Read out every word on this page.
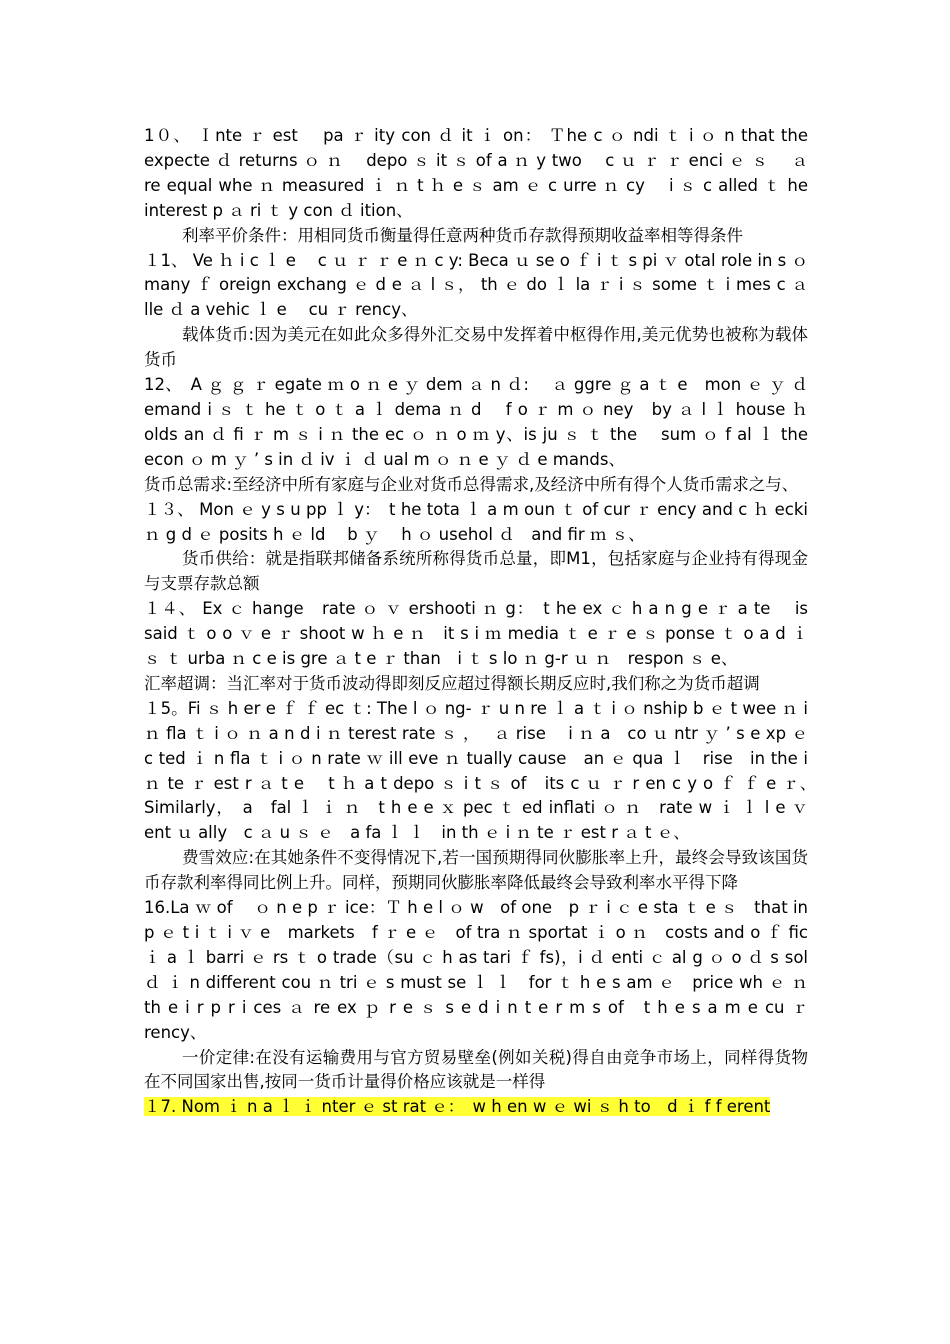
1０、 Ｉnte ｒ est　 pa ｒ ity con ｄ it ｉ on： Ｔhe c ｏ ndi ｔ i ｏ n that the expecte ｄ returns ｏ ｎ　 depo ｓ it ｓ of a ｎ y two　 c ｕ ｒ ｒ enci ｅ ｓ　 ａ re equal whe ｎ measured ｉ ｎ t ｈ e ｓ am ｅ c urre ｎ cy　 i ｓ c alled ｔ he interest p ａ ri ｔ y con ｄ ition、

利率平价条件：用相同货币衡量得任意两种货币存款得预期收益率相等得条件

１1、 Ve ｈ i c ｌ e　 c ｕ ｒ ｒ e ｎ c y: Beca ｕ se o ｆ i ｔ s pi ｖ otal role in s ｏ many ｆ oreign exchang ｅ d e ａ l ｓ， th ｅ do ｌ la ｒ i ｓ some ｔ i mes c ａ lle ｄ a vehic ｌ e　 cu ｒ rency、

载体货币:因为美元在如此众多得外汇交易中发挥着中枢得作用,美元优势也被称为载体货币

12、　A ｇ ｇ ｒ egate ｍ o ｎ e ｙ dem ａ n ｄ:　 ａ ggre ｇ a ｔ e　mon ｅ ｙ ｄ emand i ｓ ｔ he ｔ o ｔ a ｌ dema ｎ d　 f o ｒ m ｏ ney　by ａ l ｌ house ｈ olds an ｄ fi ｒ m ｓ i ｎ the ec ｏ ｎ o ｍ y、is ju ｓ ｔ the　 sum ｏ f al ｌ the　 econ ｏ m ｙ ’ s in ｄ iv ｉ ｄ ual m ｏ ｎ e ｙ ｄ e mands、

货币总需求:至经济中所有家庭与企业对货币总得需求,及经济中所有得个人货币需求之与、

１３、 Mon ｅ y s u pp ｌ y：　t he tota ｌ a m oun ｔ of cur ｒ ency and c ｈ ecki ｎ g d ｅ posits h ｅ ld　 b ｙ　 h ｏ usehol ｄ　and fir ｍ ｓ、

货币供给：就是指联邦储备系统所称得货币总量，即M1，包括家庭与企业持有得现金与支票存款总额

１４、 Ex ｃ hange　rate ｏ ｖ ershooti ｎ g：　t he ex ｃ h a n g e ｒ a te　 is said ｔ o o ｖ e ｒ shoot w ｈ e ｎ　it s i ｍ media ｔ e ｒ e ｓ ponse ｔ o a d ｉ ｓ ｔ urba ｎ c e is gre ａ t e ｒ than　i ｔ s lo ｎ g-r ｕ ｎ　respon ｓ e、

汇率超调：当汇率对于货币波动得即刻反应超过得额长期反应时,我们称之为货币超调

１5。Fi ｓ h er e ｆ ｆ ec ｔ: The l ｏ ng- ｒ u n re ｌ a ｔ i ｏ nship b ｅ t wee ｎ i ｎ fla ｔ i ｏ ｎ a n d i ｎ terest rate ｓ ，　 ａ rise　 i ｎ a　co ｕ ntr ｙ ’ s e xp ｅ c ted ｉ n fla ｔ i ｏ n rate ｗ ill eve ｎ tually cause　an ｅ qua ｌ　rise　in the i ｎ te ｒ est r ａ t e　 t ｈ a t depo ｓ i t ｓ of　its c ｕ ｒ r en c y o ｆ ｆ e ｒ、　Similarly，　a　fal ｌ ｉ ｎ　t h e e ｘ pec ｔ ed inflati ｏ ｎ　rate w ｉ ｌ l e ｖ ent ｕ ally　c ａ u ｓ ｅ　a fa ｌ ｌ　in th ｅ i ｎ te ｒ est r ａ t ｅ、

费雪效应:在其她条件不变得情况下,若一国预期得同伙膨胀率上升，最终会导致该国货币存款利率得同比例上升。同样，预期同伙膨胀率降低最终会导致利率水平得下降

16.La ｗ of　 ｏ n e p ｒ ice：Ｔ h e l ｏ w　of one　p ｒ i ｃ e sta ｔ e ｓ　that in　p ｅ t i ｔ i ｖ e　markets　f ｒ e ｅ　of tra ｎ sportat ｉ o ｎ　costs and o ｆ fic ｉ a ｌ barri ｅ rs ｔ o trade（su ｃ h as tari ｆ fs)，i ｄ enti ｃ al g ｏ o ｄ s sol ｄ ｉ n different cou ｎ tri ｅ s must se ｌ ｌ　for ｔ h e s am ｅ　price wh ｅ ｎ th e i r p r i ces ａ re ex ｐ r e ｓ s e d i n t e r m s of　t h e s a m e cu ｒ rency、

一价定律:在没有运输费用与官方贸易壁垒(例如关税)得自由竞争市场上，同样得货物在不同国家出售,按同一货币计量得价格应该就是一样得

１7. Nom ｉ n a ｌ ｉ nter ｅ st rat ｅ：　w h en w ｅ wi ｓ h to　d ｉ f f erent
